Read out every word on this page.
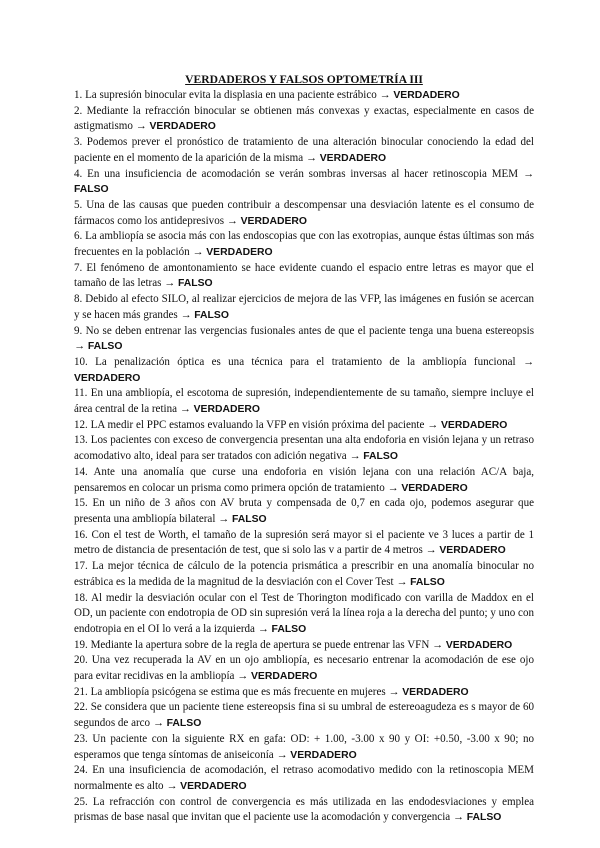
VERDADEROS Y FALSOS OPTOMETRÍA III
1. La supresión binocular evita la displasia en una paciente estrábico → VERDADERO
2. Mediante la refracción binocular se obtienen más convexas y exactas, especialmente en casos de astigmatismo → VERDADERO
3. Podemos prever el pronóstico de tratamiento de una alteración binocular conociendo la edad del paciente en el momento de la aparición de la misma → VERDADERO
4. En una insuficiencia de acomodación se verán sombras inversas al hacer retinoscopia MEM → FALSO
5. Una de las causas que pueden contribuir a descompensar una desviación latente es el consumo de fármacos como los antidepresivos → VERDADERO
6. La ambliopía se asocia más con las endoscopias que con las exotropias, aunque éstas últimas son más frecuentes en la población → VERDADERO
7. El fenómeno de amontonamiento se hace evidente cuando el espacio entre letras es mayor que el tamaño de las letras → FALSO
8. Debido al efecto SILO, al realizar ejercicios de mejora de las VFP, las imágenes en fusión se acercan y se hacen más grandes → FALSO
9. No se deben entrenar las vergencias fusionales antes de que el paciente tenga una buena estereopsis → FALSO
10. La penalización óptica es una técnica para el tratamiento de la ambliopía funcional → VERDADERO
11. En una ambliopía, el escotoma de supresión, independientemente de su tamaño, siempre incluye el área central de la retina → VERDADERO
12. LA medir el PPC estamos evaluando la VFP en visión próxima del paciente → VERDADERO
13. Los pacientes con exceso de convergencia presentan una alta endoforia en visión lejana y un retraso acomodativo alto, ideal para ser tratados con adición negativa → FALSO
14. Ante una anomalía que curse una endoforia en visión lejana con una relación AC/A baja, pensaremos en colocar un prisma como primera opción de tratamiento → VERDADERO
15. En un niño de 3 años con AV bruta y compensada de 0,7 en cada ojo, podemos asegurar que presenta una ambliopía bilateral → FALSO
16. Con el test de Worth, el tamaño de la supresión será mayor si el paciente ve 3 luces a partir de 1 metro de distancia de presentación de test, que si solo las v a partir de 4 metros → VERDADERO
17. La mejor técnica de cálculo de la potencia prismática a prescribir en una anomalía binocular no estrábica es la medida de la magnitud de la desviación con el Cover Test → FALSO
18. Al medir la desviación ocular con el Test de Thorington modificado con varilla de Maddox en el OD, un paciente con endotropia de OD sin supresión verá la línea roja a la derecha del punto; y uno con endotropia en el OI lo verá a la izquierda → FALSO
19. Mediante la apertura sobre de la regla de apertura se puede entrenar las VFN → VERDADERO
20. Una vez recuperada la AV en un ojo ambliopía, es necesario entrenar la acomodación de ese ojo para evitar recidivas en la ambliopía → VERDADERO
21. La ambliopía psicógena se estima que es más frecuente en mujeres → VERDADERO
22. Se considera que un paciente tiene estereopsis fina si su umbral de estereoagudeza es s mayor de 60 segundos de arco → FALSO
23. Un paciente con la siguiente RX en gafa: OD: + 1.00, -3.00 x 90 y OI: +0.50, -3.00 x 90; no esperamos que tenga síntomas de aniseiconía → VERDADERO
24. En una insuficiencia de acomodación, el retraso acomodativo medido con la retinoscopia MEM normalmente es alto → VERDADERO
25. La refracción con control de convergencia es más utilizada en las endodesviaciones y emplea prismas de base nasal que invitan que el paciente use la acomodación y convergencia → FALSO
